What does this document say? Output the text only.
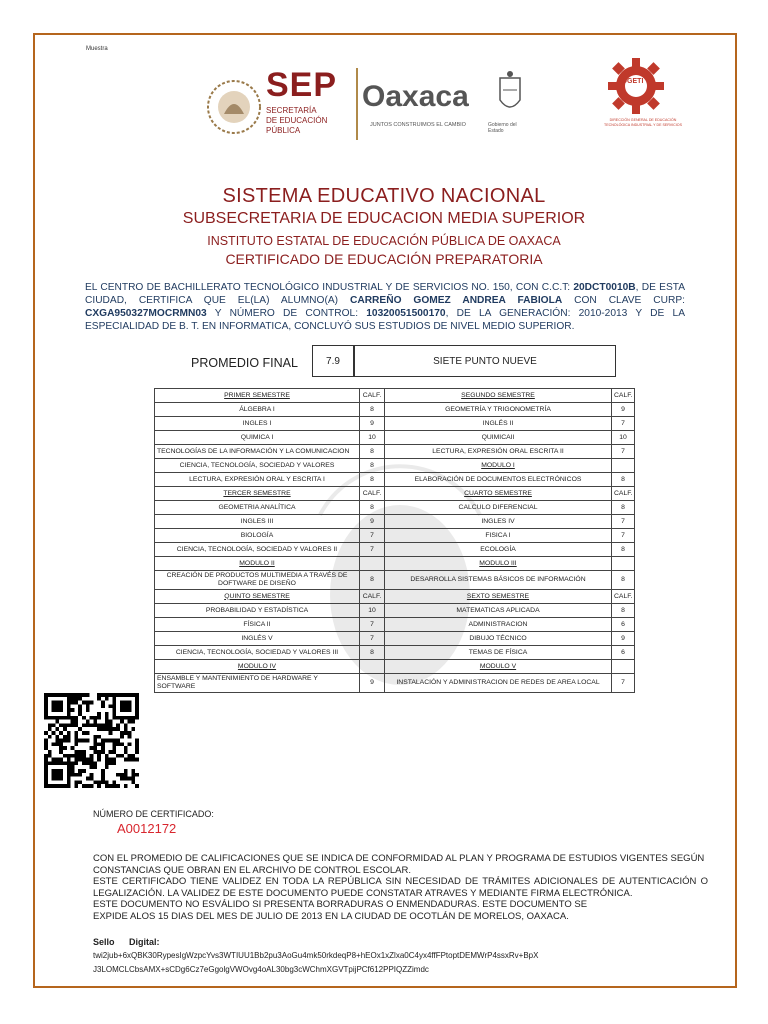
Muestra
SEP
SECRETARÍA
DE EDUCACIÓN
PÚBLICA
Oaxaca
JUNTOS CONSTRUIMOS EL CAMBIO	Gobierno del Estado
DGETI
DIRECCIÓN GENERAL DE EDUCACIÓN TECNOLÓGICA INDUSTRIAL Y DE SERVICIOS
SISTEMA EDUCATIVO NACIONAL
SUBSECRETARIA DE EDUCACION MEDIA SUPERIOR
INSTITUTO ESTATAL DE EDUCACIÓN PÚBLICA DE OAXACA
CERTIFICADO DE EDUCACIÓN PREPARATORIA
EL CENTRO DE BACHILLERATO TECNOLÓGICO INDUSTRIAL Y DE SERVICIOS NO. 150, CON C.C.T: 20DCT0010B, DE ESTA CIUDAD, CERTIFICA QUE EL(LA) ALUMNO(A) CARREÑO GOMEZ ANDREA FABIOLA CON CLAVE CURP: CXGA950327MOCRMN03 Y NÚMERO DE CONTROL: 10320051500170, DE LA GENERACIÓN: 2010-2013 Y DE LA ESPECIALIDAD DE B. T. EN INFORMATICA, CONCLUYÓ SUS ESTUDIOS DE NIVEL MEDIO SUPERIOR.
PROMEDIO FINAL	7.9	SIETE PUNTO NUEVE
PRIMER SEMESTRE	CALF.	SEGUNDO SEMESTRE	CALF.
ÁLGEBRA I	8	GEOMETRÍA Y TRIGONOMETRÍA	9
INGLES I	9	INGLÉS II	7
QUIMICA I	10	QUIMICAII	10
TECNOLOGÍAS DE LA INFORMACIÓN Y LA COMUNICACION	8	LECTURA, EXPRESIÓN ORAL ESCRITA II	7
CIENCIA, TECNOLOGÍA, SOCIEDAD Y VALORES	8	MODULO I	
LECTURA, EXPRESIÓN ORAL Y ESCRITA I	8	ELABORACIÓN DE DOCUMENTOS ELECTRÓNICOS	8
TERCER SEMESTRE	CALF.	CUARTO SEMESTRE	CALF.
GEOMETRIA ANALÍTICA	8	CALCULO DIFERENCIAL	8
INGLES III	9	INGLES IV	7
BIOLOGÍA	7	FISICA I	7
CIENCIA, TECNOLOGÍA, SOCIEDAD Y VALORES II	7	ECOLOGÍA	8
MODULO II		MODULO III	
CREACIÓN DE PRODUCTOS MULTIMEDIA A TRAVÉS DE DOFTWARE DE DISEÑO	8	DESARROLLA SISTEMAS BÁSICOS DE INFORMACIÓN	8
QUINTO SEMESTRE	CALF.	SEXTO SEMESTRE	CALF.
PROBABILIDAD Y ESTADÍSTICA	10	MATEMATICAS APLICADA	8
FÍSICA II	7	ADMINISTRACION	6
INGLÉS V	7	DIBUJO TÉCNICO	9
CIENCIA, TECNOLOGÍA, SOCIEDAD Y VALORES III	8	TEMAS DE FÍSICA	6
MODULO IV		MODULO V	
ENSAMBLE Y MANTENIMIENTO DE HARDWARE Y SOFTWARE	9	INSTALACIÓN Y ADMINISTRACION DE REDES DE AREA LOCAL	7
NÚMERO DE CERTIFICADO:
A0012172
CON EL PROMEDIO DE CALIFICACIONES QUE SE INDICA DE CONFORMIDAD AL PLAN Y PROGRAMA DE ESTUDIOS VIGENTES SEGÚN CONSTANCIAS QUE OBRAN EN EL ARCHIVO DE CONTROL ESCOLAR.
ESTE CERTIFICADO TIENE VALIDEZ EN TODA LA REPÚBLICA SIN NECESIDAD DE TRÁMITES ADICIONALES DE AUTENTICACIÓN O LEGALIZACIÓN. LA VALIDEZ DE ESTE DOCUMENTO PUEDE CONSTATAR ATRAVES Y MEDIANTE FIRMA ELECTRÓNICA.
ESTE DOCUMENTO NO ESVÁLIDO SI PRESENTA BORRADURAS O ENMENDADURAS. ESTE DOCUMENTO SE
EXPIDE ALOS 15 DIAS DEL MES DE JULIO DE 2013 EN LA CIUDAD DE OCOTLÁN DE MORELOS, OAXACA.
Sello Digital:
twi2jub+6xQBK30RypesIgWzpcYvs3WTIUU1Bb2pu3AoGu4mk50rkdeqP8+hEOx1xZlxa0C4yx4ffFPtoptDEMWrP4ssxRv+BpX
J3LOMCLCbsAMX+sCDg6Cz7eGgolgVWOvg4oAL30bg3cWChmXGVTpijPCf612PPIQZZimdc
